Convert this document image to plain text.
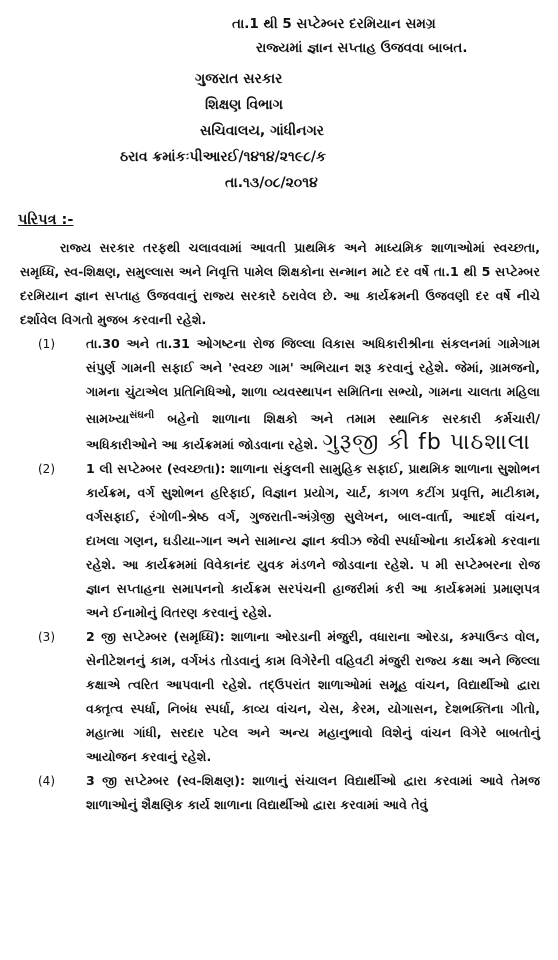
તા.1 થી 5 સપ્ટેમ્બર દરમિયાન સમગ્ર
રાજ્યમાં જ્ઞાન સપ્તાહ ઉજવવા બાબત.
ગુજરાત સરકાર
શિક્ષણ વિભાગ
સચિવાલય, ગાંધીનગર
ઠરાવ ક્રમાંકઃપીઆરઈ/૧૪૧૪/૨૧૯૮/ક
તા.૧૩/૦૮/૨૦૧૪
પરિપત્ર :-

રાજ્ય સરકાર તરફથી ચલાવવામાં આવતી પ્રાથમિક અને માધ્યમિક શાળાઓમાં સ્વચ્છતા, સમૃધ્ધિ, સ્વ-શિક્ષણ, સમુલ્લાસ અને નિવૃત્તિ પામેલ શિક્ષકોના સન્માન માટે દર વર્ષે તા.1 થી 5 સપ્ટેમ્બર દરમિયાન જ્ઞાન સપ્તાહ ઉજવવાનું રાજ્ય સરકારે ઠરાવેલ છે. આ કાર્યક્રમની ઉજવણી દર વર્ષે નીચે દર્શાવેલ વિગતો મુજબ કરવાની રહેશે.

(1) તા.30 અને તા.31 ઓગષ્ટના રોજ જિલ્લા વિકાસ અધિકારીશ્રીના સંકલનમાં ગામેગામ સંપુર્ણ ગામની સફાઈ અને 'સ્વચ્છ ગામ' અભિયાન શરૂ કરવાનું રહેશે. જેમાં, ગ્રામજનો, ગામના ચુંટાએલ પ્રતિનિધિઓ, શાળા વ્યવસ્થાપન સમિતિના સભ્યો, ગામના ચાલતા મહિલા સામખ્યા$^{સંઘની}$ બહેનો શાળાના શિક્ષકો અને તમામ સ્થાનિક સરકારી કર્મચારી/અધિકારીઓને આ કાર્યક્રમમાં જોડવાના રહેશે. ગુરૂજી કી fb પાઠશાલા

(2) 1 લી સપ્ટેમ્બર (સ્વચ્છતા): શાળાના સંકુલની સામુહિક સફાઈ, પ્રાથમિક શાળાના સુશોભન કાર્યક્રમ, વર્ગ સુશોભન હરિફાઈ, વિજ્ઞાન પ્રયોગ, ચાર્ટ, કાગળ કટીંગ પ્રવૃત્તિ, માટીકામ, વર્ગસફાઈ, રંગોળી-શ્રેષ્ઠ વર્ગ, ગુજરાતી-અંગ્રેજી સુલેખન, બાલ-વાર્તા, આદર્શ વાંચન, દાખલા ગણન, ઘડીયા-ગાન અને સામાન્ય જ્ઞાન ક્વીઝ જેવી સ્પર્ધાઓના કાર્યક્રમો કરવાના રહેશે. આ કાર્યક્રમમાં વિવેકાનંદ યુવક મંડળને જોડવાના રહેશે. ૫ મી સપ્ટેમ્બરના રોજ જ્ઞાન સપ્તાહના સમાપનનો કાર્યક્રમ સરપંચની હાજરીમાં કરી આ કાર્યક્રમમાં પ્રમાણપત્ર અને ઈનામોનું વિતરણ કરવાનું રહેશે.

(3) 2 જી સપ્ટેમ્બર (સમૃધ્ધિ): શાળાના ઓરડાની મંજુરી, વધારાના ઓરડા, કમ્પાઉન્ડ વોલ, સેનીટેશનનું કામ, વર્ગખંડ તોડવાનું કામ વિગેરેની વહિવટી મંજુરી રાજ્ય કક્ષા અને જિલ્લા કક્ષાએ ત્વરિત આપવાની રહેશે. તદ્ઉપરાંત શાળાઓમાં સમૂહ વાંચન, વિદ્યાર્થીઓ દ્વારા વક્તૃત્વ સ્પર્ધા, નિબંધ સ્પર્ધા, કાવ્ય વાંચન, ચેસ, કેરમ, યોગાસન, દેશભક્તિના ગીતો, મહાત્મા ગાંધી, સરદાર પટેલ અને અન્ય મહાનુભાવો વિશેનું વાંચન વિગેરે બાબતોનું આયોજન કરવાનું રહેશે.

(4) 3 જી સપ્ટેમ્બર (સ્વ-શિક્ષણ): શાળાનું સંચાલન વિદ્યાર્થીઓ દ્વારા કરવામાં આવે તેમજ શાળાઓનું શૈક્ષણિક કાર્ય શાળાના વિદ્યાર્થીઓ દ્વારા કરવામાં આવે તેવું
